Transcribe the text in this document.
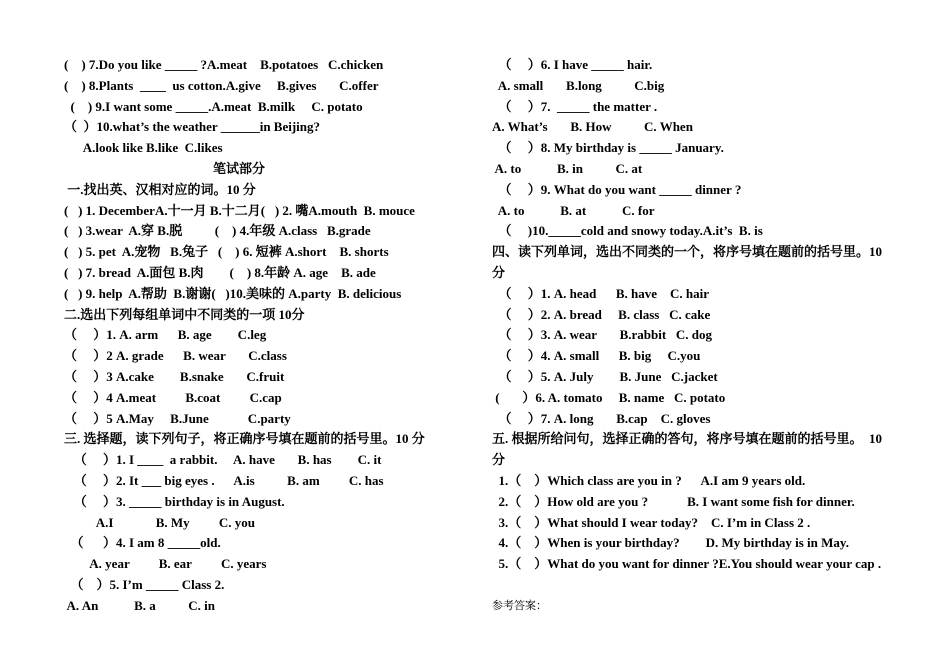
(    ) 7.Do you like _____ ?A.meat    B.potatoes   C.chicken
(    ) 8.Plants  ____  us cotton.A.give     B.gives       C.offer
(    ) 9.I want some _____.A.meat  B.milk     C. potato
（  ）10.what’s the weather ______in Beijing?
A.look like B.like  C.likes
笔试部分
一.找出英、汉相对应的词。10 分
(   ) 1. DecemberA.十一月 B.十二月(   ) 2. 嘴A.mouth  B. mouce
(   ) 3.wear  A.穿 B.脱          (    ) 4.年级 A.class   B.grade
(   ) 5. pet  A.宠物   B.兔子   (    ) 6. 短裤 A.short    B. shorts
(   ) 7. bread  A.面包 B.肉        (    ) 8.年龄 A. age    B. ade
(   ) 9. help  A.帮助  B.谢谢(   )10.美味的 A.party  B. delicious
二.选出下列每组单词中不同类的一项 10分
（     ）1. A. arm      B. age        C.leg
（     ）2 A. grade      B. wear       C.class
（     ）3 A.cake        B.snake       C.fruit
（     ）4 A.meat         B.coat         C.cap
（     ）5 A.May     B.June            C.party
三. 选择题，读下列句子，将正确序号填在题前的括号里。10 分
（     ）1. I ____  a rabbit.     A. have       B. has        C. it
（     ）2. It ___ big eyes .      A.is          B. am         C. has
（     ）3. _____ birthday is in August.
A.I             B. My         C. you
（      ）4. I am 8 _____old.
A. year         B. ear         C. years
（    ）5. I’m _____ Class 2.
A. An           B. a          C. in
（     ）6. I have _____ hair.
A. small       B.long          C.big
（     ）7.  _____ the matter .
A. What’s       B. How          C. When
（     ）8. My birthday is _____ January.
A. to           B. in          C. at
（     ）9. What do you want _____ dinner ?
A. to           B. at           C. for
（     )10._____cold and snowy today.A.it’s  B. is
四、读下列单词，选出不同类的一个，将序号填在题前的括号里。10
分
（     ）1. A. head      B. have    C. hair
（     ）2. A. bread     B. class   C. cake
（     ）3. A. wear       B.rabbit   C. dog
（     ）4. A. small      B. big     C.you
（     ）5. A. July        B. June   C.jacket
(       ）6. A. tomato     B. name   C. potato
（     ）7. A. long       B.cap    C. gloves
五. 根据所给问句，选择正确的答句，将序号填在题前的括号里。  10
分
1.（    ）Which class are you in ?      A.I am 9 years old.
2.（    ）How old are you ?            B. I want some fish for dinner.
3.（    ）What should I wear today?    C. I’m in Class 2 .
4.（    ）When is your birthday?        D. My birthday is in May.
5.（    ）What do you want for dinner ?E.You should wear your cap .
参考答案：
